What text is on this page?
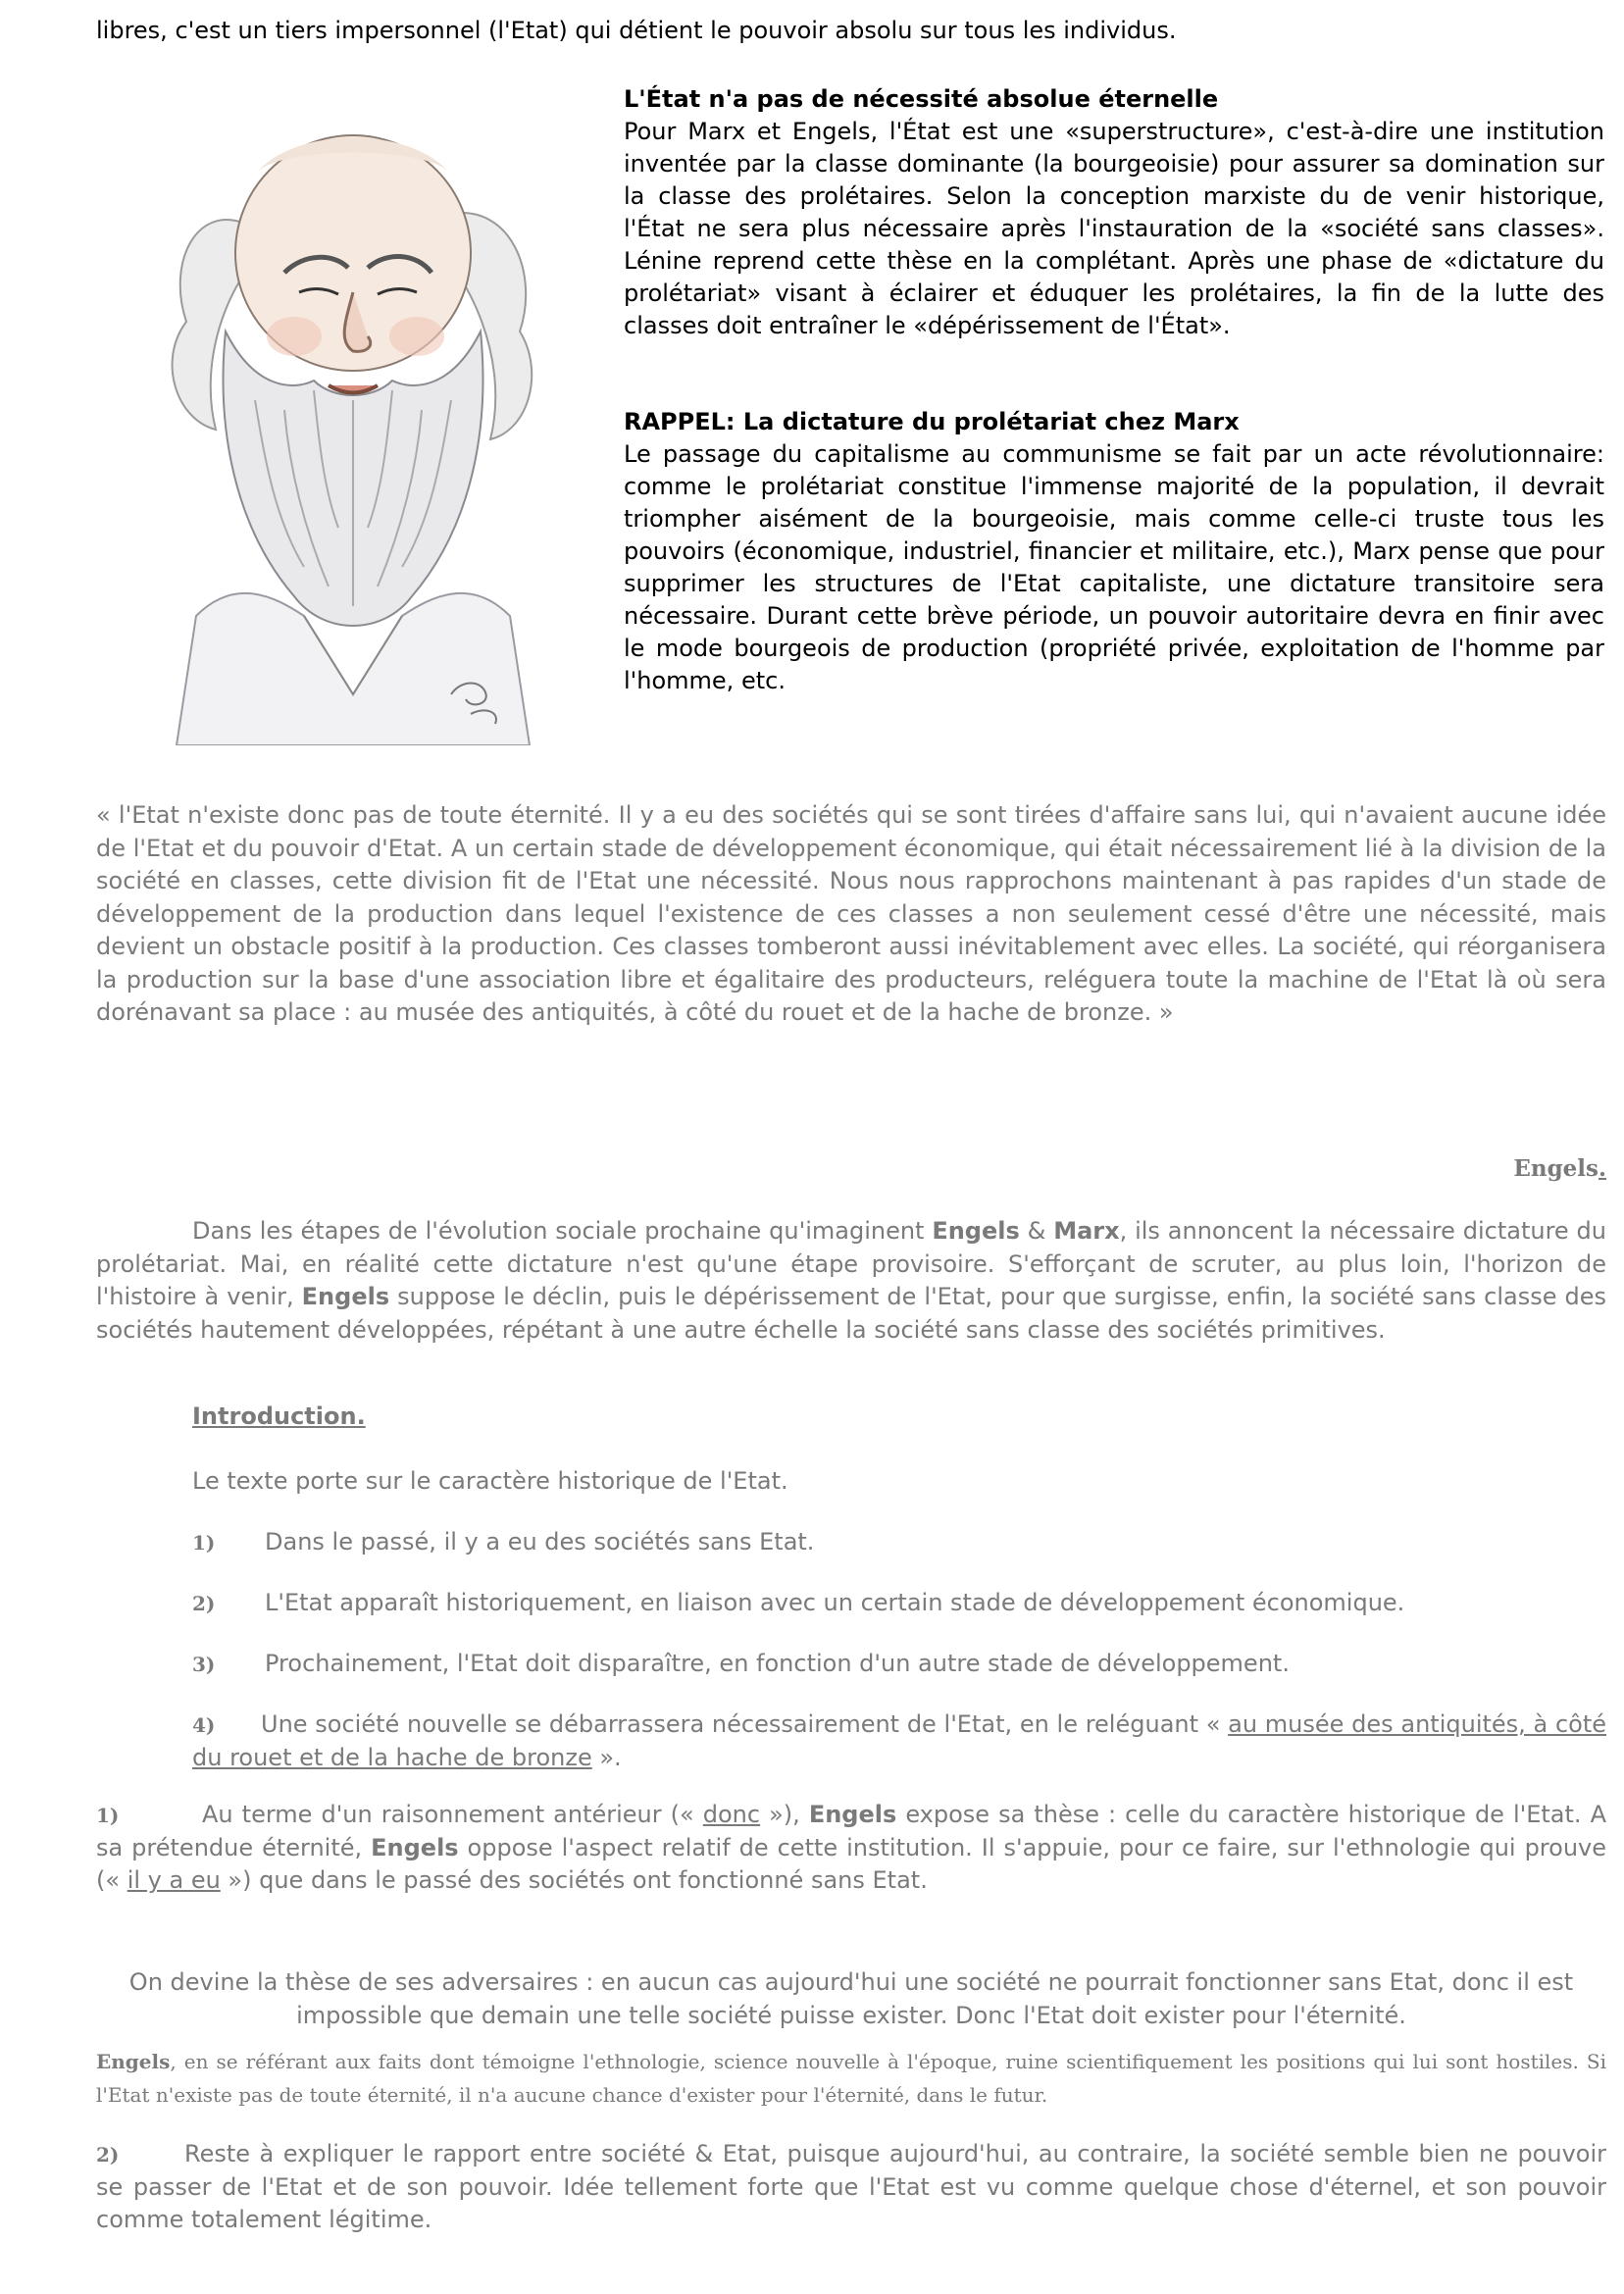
libres, c'est un tiers impersonnel (l'Etat) qui détient le pouvoir absolu sur tous les individus.
L'État n'a pas de nécessité absolue éternelle

Pour Marx et Engels, l'État est une «superstructure», c'est-à-dire une institution inventée par la classe dominante (la bourgeoisie) pour assurer sa domination sur la classe des prolétaires. Selon la conception marxiste du de venir historique, l'État ne sera plus nécessaire après l'instauration de la «société sans classes». Lénine reprend cette thèse en la complétant. Après une phase de «dictature du prolétariat» visant à éclairer et éduquer les prolétaires, la fin de la lutte des classes doit entraîner le «dépérissement de l'État».

RAPPEL: La dictature du prolétariat chez Marx

Le passage du capitalisme au communisme se fait par un acte révolutionnaire: comme le prolétariat constitue l'immense majorité de la population, il devrait triompher aisément de la bourgeoisie, mais comme celle-ci truste tous les pouvoirs (économique, industriel, financier et militaire, etc.), Marx pense que pour supprimer les structures de l'Etat capitaliste, une dictature transitoire sera nécessaire. Durant cette brève période, un pouvoir autoritaire devra en finir avec le mode bourgeois de production (propriété privée, exploitation de l'homme par l'homme, etc.

« l'Etat n'existe donc pas de toute éternité. Il y a eu des sociétés qui se sont tirées d'affaire sans lui, qui n'avaient aucune idée de l'Etat et du pouvoir d'Etat. A un certain stade de développement économique, qui était nécessairement lié à la division de la société en classes, cette division fit de l'Etat une nécessité. Nous nous rapprochons maintenant à pas rapides d'un stade de développement de la production dans lequel l'existence de ces classes a non seulement cessé d'être une nécessité, mais devient un obstacle positif à la production. Ces classes tomberont aussi inévitablement avec elles. La société, qui réorganisera la production sur la base d'une association libre et égalitaire des producteurs, reléguera toute la machine de l'Etat là où sera dorénavant sa place : au musée des antiquités, à côté du rouet et de la hache de bronze. »
Engels.
Dans les étapes de l'évolution sociale prochaine qu'imaginent Engels & Marx, ils annoncent la nécessaire dictature du prolétariat. Mai, en réalité cette dictature n'est qu'une étape provisoire. S'efforçant de scruter, au plus loin, l'horizon de l'histoire à venir, Engels suppose le déclin, puis le dépérissement de l'Etat, pour que surgisse, enfin, la société sans classe des sociétés hautement développées, répétant à une autre échelle la société sans classe des sociétés primitives.
Introduction.
Le texte porte sur le caractère historique de l'Etat.
1) Dans le passé, il y a eu des sociétés sans Etat.
2) L'Etat apparaît historiquement, en liaison avec un certain stade de développement économique.
3) Prochainement, l'Etat doit disparaître, en fonction d'un autre stade de développement.
4) Une société nouvelle se débarrassera nécessairement de l'Etat, en le reléguant « au musée des antiquités, à côté du rouet et de la hache de bronze ».
1)	Au terme d'un raisonnement antérieur (« donc »), Engels expose sa thèse : celle du caractère historique de l'Etat. A sa prétendue éternité, Engels oppose l'aspect relatif de cette institution. Il s'appuie, pour ce faire, sur l'ethnologie qui prouve (« il y a eu ») que dans le passé des sociétés ont fonctionné sans Etat.
On devine la thèse de ses adversaires : en aucun cas aujourd'hui une société ne pourrait fonctionner sans Etat, donc il est impossible que demain une telle société puisse exister. Donc l'Etat doit exister pour l'éternité.
Engels, en se référant aux faits dont témoigne l'ethnologie, science nouvelle à l'époque, ruine scientifiquement les positions qui lui sont hostiles. Si l'Etat n'existe pas de toute éternité, il n'a aucune chance d'exister pour l'éternité, dans le futur.
2)	Reste à expliquer le rapport entre société & Etat, puisque aujourd'hui, au contraire, la société semble bien ne pouvoir se passer de l'Etat et de son pouvoir. Idée tellement forte que l'Etat est vu comme quelque chose d'éternel, et son pouvoir comme totalement légitime.
